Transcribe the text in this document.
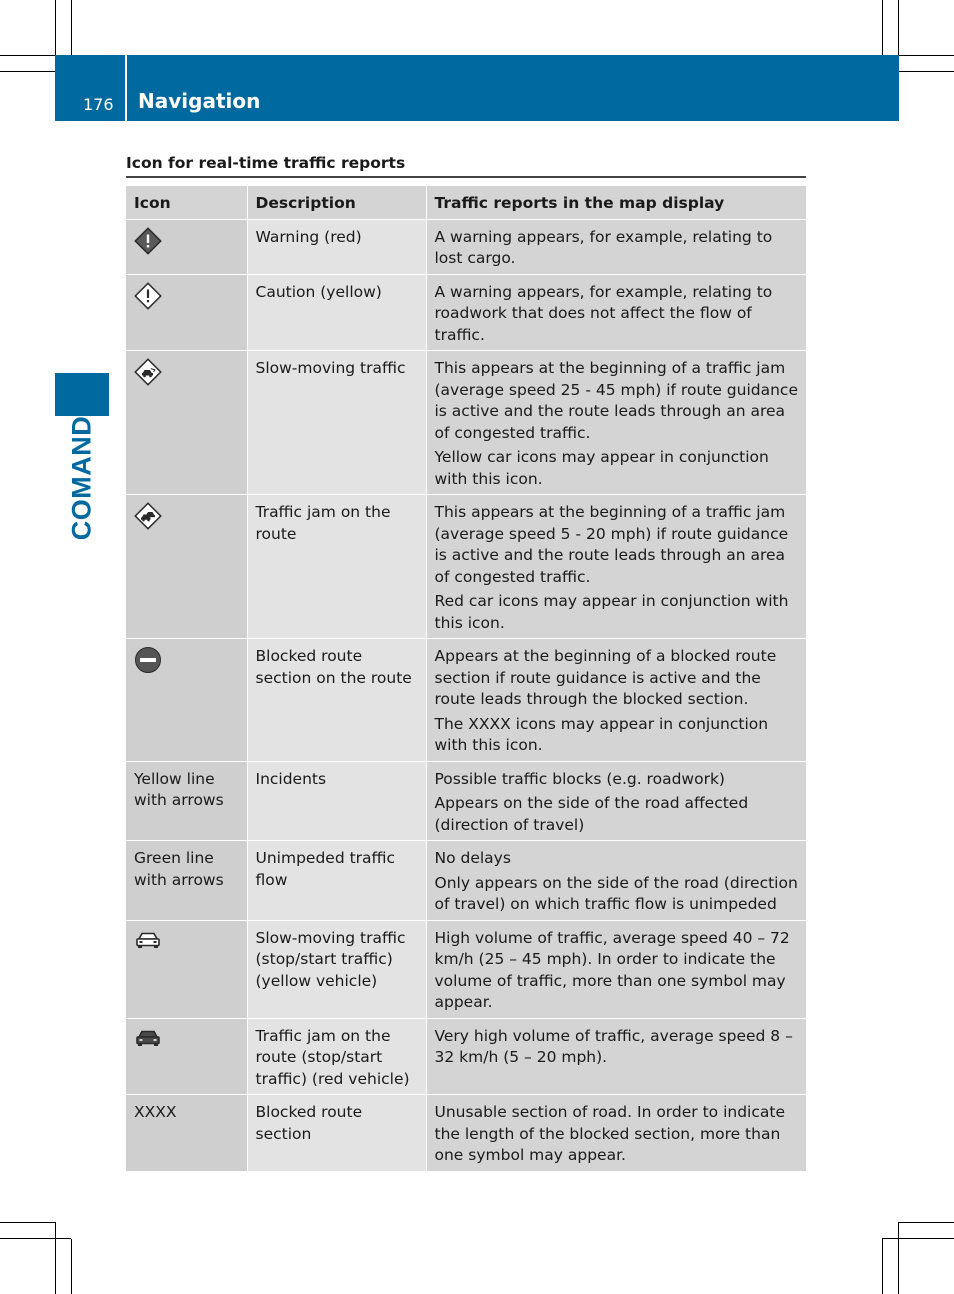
176 Navigation
COMAND
Icon for real-time traffic reports
Icon	Description	Traffic reports in the map display

	Warning (red)	A warning appears, for example, relating to lost cargo.

	Caution (yellow)	A warning appears, for example, relating to roadwork that does not affect the flow of traffic.

	Slow-moving traffic	This appears at the beginning of a traffic jam (average speed 25 - 45 mph) if route guidance is active and the route leads through an area of congested traffic.
Yellow car icons may appear in conjunction with this icon.

	Traffic jam on the route	This appears at the beginning of a traffic jam (average speed 5 - 20 mph) if route guidance is active and the route leads through an area of congested traffic.
Red car icons may appear in conjunction with this icon.

	Blocked route section on the route	Appears at the beginning of a blocked route section if route guidance is active and the route leads through the blocked section.
The XXXX icons may appear in conjunction with this icon.

Yellow line with arrows	Incidents	Possible traffic blocks (e.g. roadwork)
Appears on the side of the road affected (direction of travel)

Green line with arrows	Unimpeded traffic flow	No delays
Only appears on the side of the road (direction of travel) on which traffic flow is unimpeded

	Slow-moving traffic (stop/start traffic) (yellow vehicle)	High volume of traffic, average speed 40 – 72 km/h (25 – 45 mph). In order to indicate the volume of traffic, more than one symbol may appear.

	Traffic jam on the route (stop/start traffic) (red vehicle)	Very high volume of traffic, average speed 8 – 32 km/h (5 – 20 mph).

XXXX	Blocked route section	Unusable section of road. In order to indicate the length of the blocked section, more than one symbol may appear.
